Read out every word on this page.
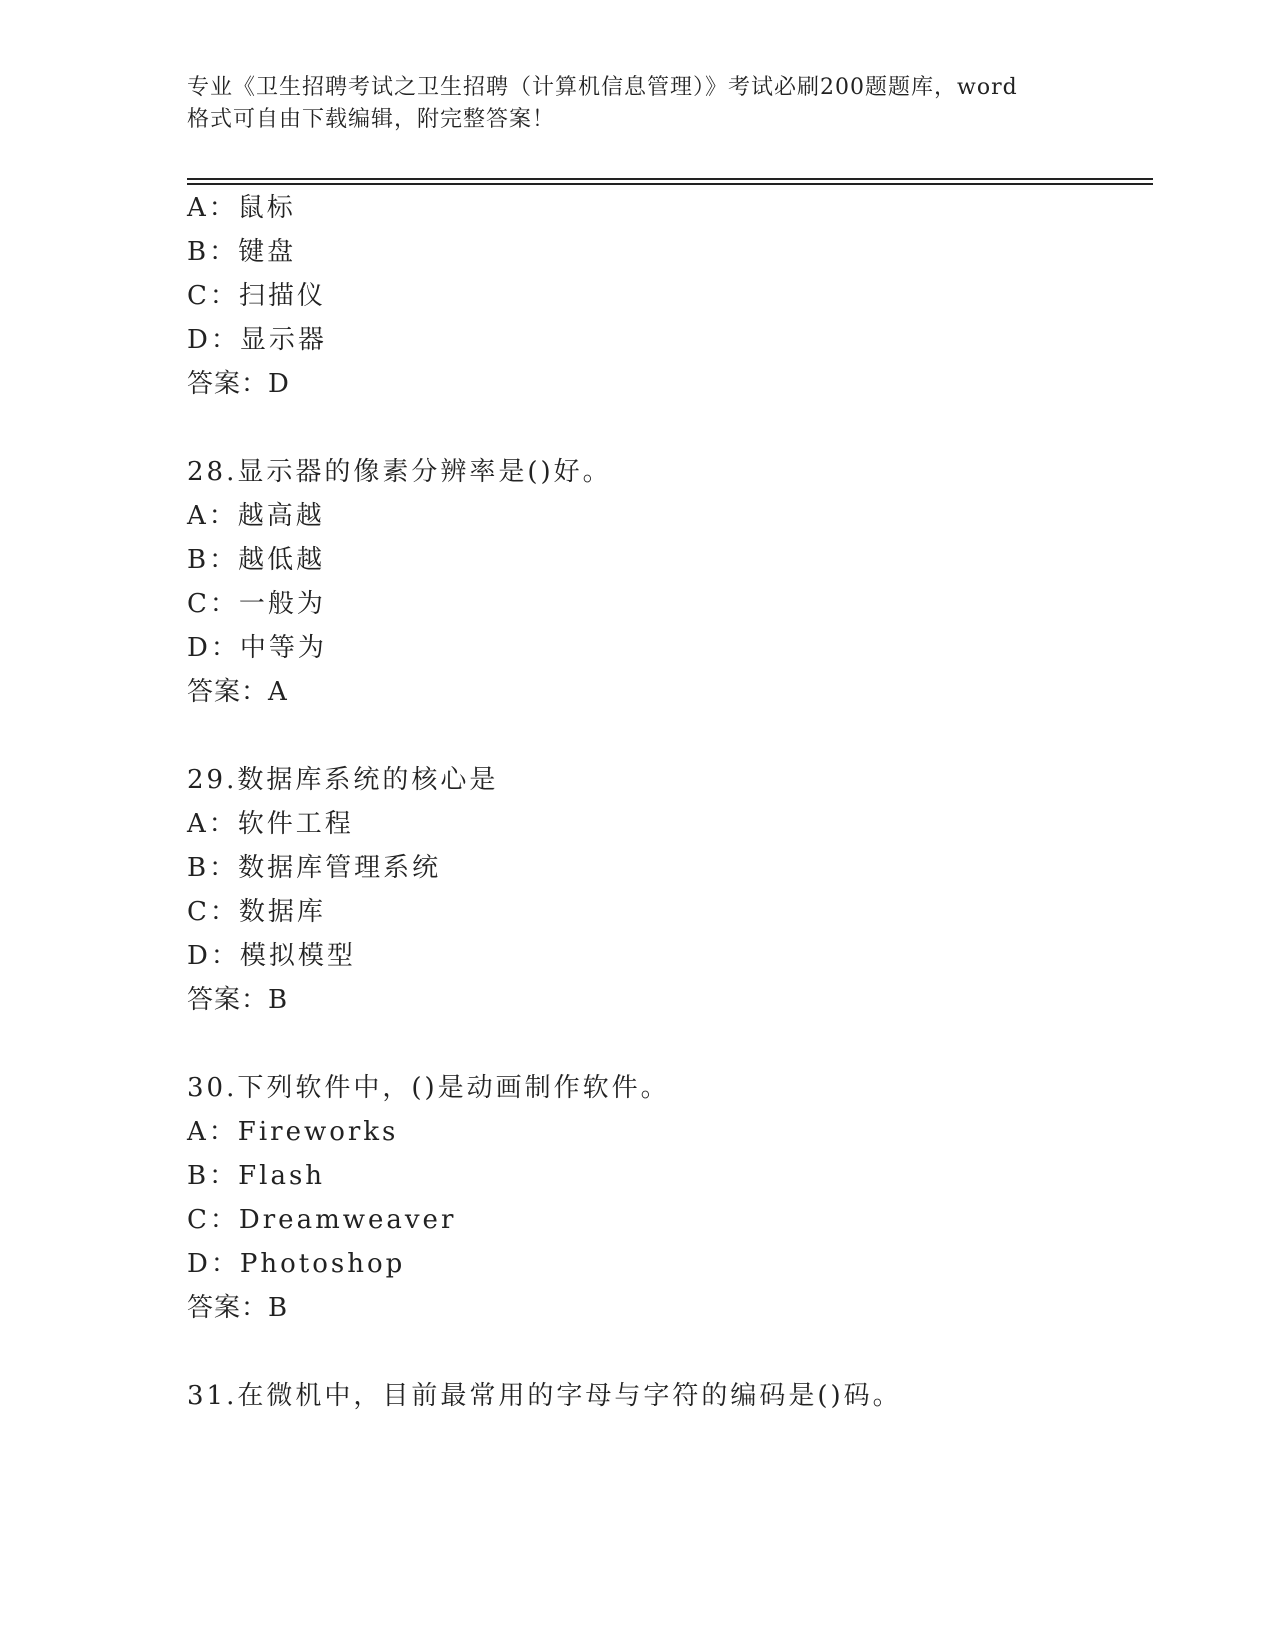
专业《卫生招聘考试之卫生招聘（计算机信息管理）》考试必刷200题题库，word
格式可自由下载编辑，附完整答案！
A：鼠标
B：键盘
C：扫描仪
D：显示器
答案：D
28.显示器的像素分辨率是()好。
A：越高越
B：越低越
C：一般为
D：中等为
答案：A
29.数据库系统的核心是
A：软件工程
B：数据库管理系统
C：数据库
D：模拟模型
答案：B
30.下列软件中，()是动画制作软件。
A：Fireworks
B：Flash
C：Dreamweaver
D：Photoshop
答案：B
31.在微机中，目前最常用的字母与字符的编码是()码。
